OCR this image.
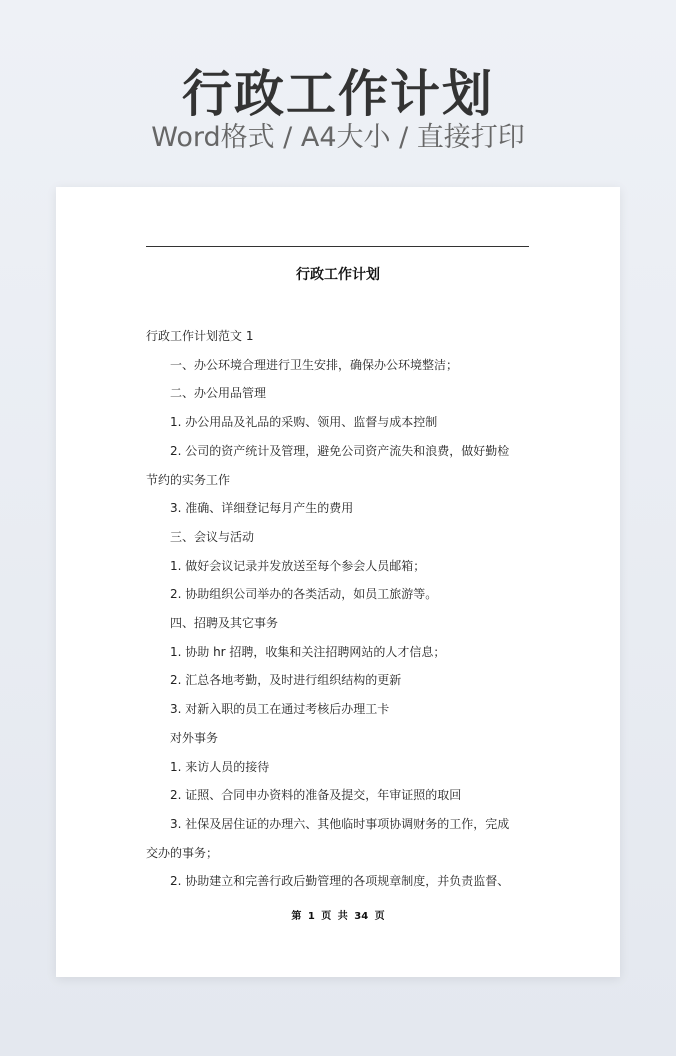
行政工作计划
Word格式 / A4大小 / 直接打印
行政工作计划
行政工作计划范文 1
一、办公环境合理进行卫生安排，确保办公环境整洁；
二、办公用品管理
1. 办公用品及礼品的采购、领用、监督与成本控制
2. 公司的资产统计及管理，避免公司资产流失和浪费，做好勤检
节约的实务工作
3. 准确、详细登记每月产生的费用
三、会议与活动
1. 做好会议记录并发放送至每个参会人员邮箱；
2. 协助组织公司举办的各类活动，如员工旅游等。
四、招聘及其它事务
1. 协助 hr 招聘，收集和关注招聘网站的人才信息；
2. 汇总各地考勤，及时进行组织结构的更新
3. 对新入职的员工在通过考核后办理工卡
对外事务
1. 来访人员的接待
2. 证照、合同申办资料的准备及提交，年审证照的取回
3. 社保及居住证的办理六、其他临时事项协调财务的工作，完成
交办的事务；
2. 协助建立和完善行政后勤管理的各项规章制度，并负责监督、
第 1 页 共 34 页
